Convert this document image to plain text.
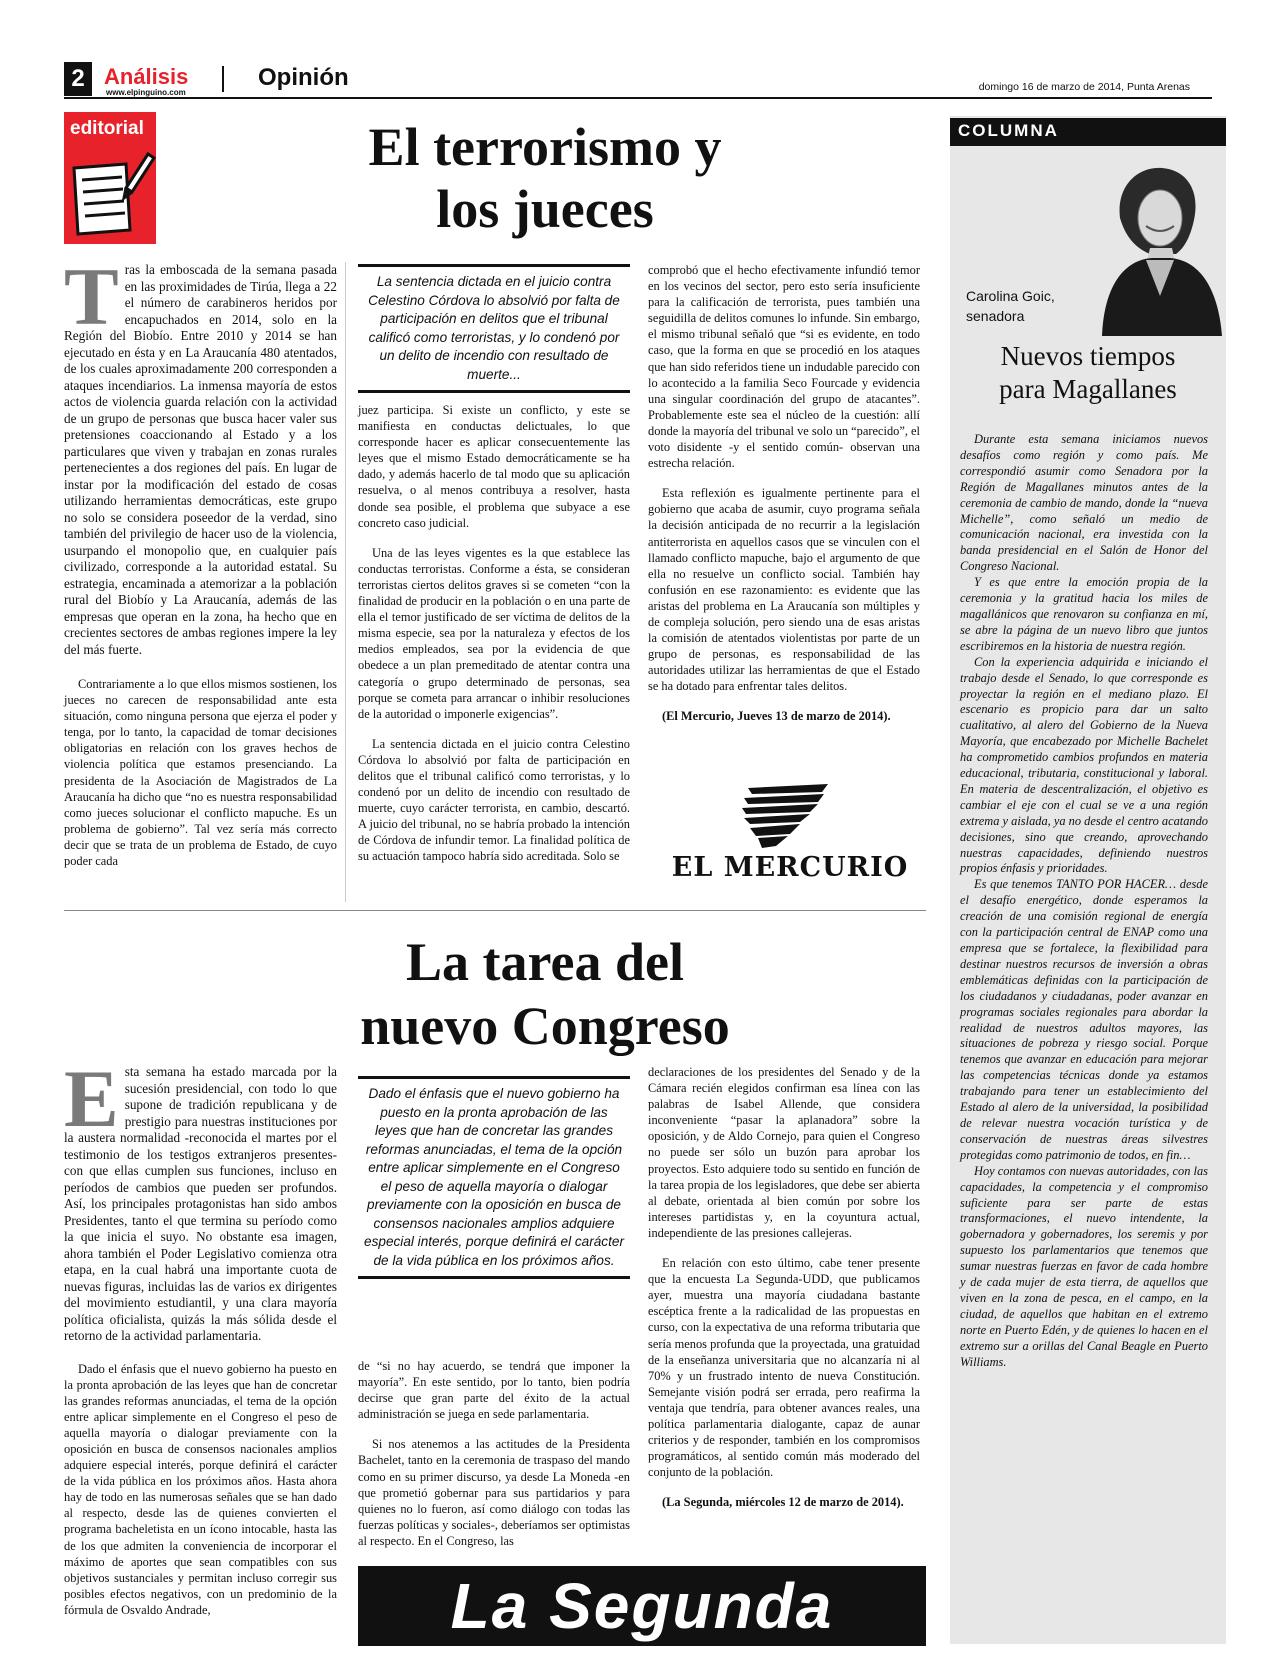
2 Análisis
www.elpinguino.com
Opinión	domingo 16 de marzo de 2014, Punta Arenas
editorial	El terrorismo y
los jueces

Tras la emboscada de la semana pasada en las proximidades de Tirúa, llega a 22 el número de carabineros heridos por encapuchados en 2014, solo en la Región del Biobío. Entre 2010 y 2014 se han ejecutado en ésta y en La Araucanía 480 atentados, de los cuales aproximadamente 200 corresponden a ataques incendiarios. La inmensa mayoría de estos actos de violencia guarda relación con la actividad de un grupo de personas que busca hacer valer sus pretensiones coaccionando al Estado y a los particulares que viven y trabajan en zonas rurales pertenecientes a dos regiones del país. En lugar de instar por la modificación del estado de cosas utilizando herramientas democráticas, este grupo no solo se considera poseedor de la verdad, sino también del privilegio de hacer uso de la violencia, usurpando el monopolio que, en cualquier país civilizado, corresponde a la autoridad estatal. Su estrategia, encaminada a atemorizar a la población rural del Biobío y La Araucanía, además de las empresas que operan en la zona, ha hecho que en crecientes sectores de ambas regiones impere la ley del más fuerte.

Contrariamente a lo que ellos mismos sostienen, los jueces no carecen de responsabilidad ante esta situación, como ninguna persona que ejerza el poder y tenga, por lo tanto, la capacidad de tomar decisiones obligatorias en relación con los graves hechos de violencia política que estamos presenciando. La presidenta de la Asociación de Magistrados de La Araucanía ha dicho que “no es nuestra responsabilidad como jueces solucionar el conflicto mapuche. Es un problema de gobierno”. Tal vez sería más correcto decir que se trata de un problema de Estado, de cuyo poder cada

La sentencia dictada en el juicio contra Celestino Córdova lo absolvió por falta de participación en delitos que el tribunal calificó como terroristas, y lo condenó por un delito de incendio con resultado de muerte...

juez participa. Si existe un conflicto, y este se manifiesta en conductas delictuales, lo que corresponde hacer es aplicar consecuentemente las leyes que el mismo Estado democráticamente se ha dado, y además hacerlo de tal modo que su aplicación resuelva, o al menos contribuya a resolver, hasta donde sea posible, el problema que subyace a ese concreto caso judicial.

Una de las leyes vigentes es la que establece las conductas terroristas. Conforme a ésta, se consideran terroristas ciertos delitos graves si se cometen “con la finalidad de producir en la población o en una parte de ella el temor justificado de ser víctima de delitos de la misma especie, sea por la naturaleza y efectos de los medios empleados, sea por la evidencia de que obedece a un plan premeditado de atentar contra una categoría o grupo determinado de personas, sea porque se cometa para arrancar o inhibir resoluciones de la autoridad o imponerle exigencias”.

La sentencia dictada en el juicio contra Celestino Córdova lo absolvió por falta de participación en delitos que el tribunal calificó como terroristas, y lo condenó por un delito de incendio con resultado de muerte, cuyo carácter terrorista, en cambio, descartó. A juicio del tribunal, no se habría probado la intención de Córdova de infundir temor. La finalidad política de su actuación tampoco habría sido acreditada. Solo se

comprobó que el hecho efectivamente infundió temor en los vecinos del sector, pero esto sería insuficiente para la calificación de terrorista, pues también una seguidilla de delitos comunes lo infunde. Sin embargo, el mismo tribunal señaló que “si es evidente, en todo caso, que la forma en que se procedió en los ataques que han sido referidos tiene un indudable parecido con lo acontecido a la familia Seco Fourcade y evidencia una singular coordinación del grupo de atacantes”. Probablemente este sea el núcleo de la cuestión: allí donde la mayoría del tribunal ve solo un “parecido”, el voto disidente -y el sentido común- observan una estrecha relación.

Esta reflexión es igualmente pertinente para el gobierno que acaba de asumir, cuyo programa señala la decisión anticipada de no recurrir a la legislación antiterrorista en aquellos casos que se vinculen con el llamado conflicto mapuche, bajo el argumento de que ella no resuelve un conflicto social. También hay confusión en ese razonamiento: es evidente que las aristas del problema en La Araucanía son múltiples y de compleja solución, pero siendo una de esas aristas la comisión de atentados violentistas por parte de un grupo de personas, es responsabilidad de las autoridades utilizar las herramientas de que el Estado se ha dotado para enfrentar tales delitos.

(El Mercurio, Jueves 13 de marzo de 2014).

EL MERCURIO
La tarea del
nuevo Congreso

Esta semana ha estado marcada por la sucesión presidencial, con todo lo que supone de tradición republicana y de prestigio para nuestras instituciones por la austera normalidad -reconocida el martes por el testimonio de los testigos extranjeros presentes- con que ellas cumplen sus funciones, incluso en períodos de cambios que pueden ser profundos. Así, los principales protagonistas han sido ambos Presidentes, tanto el que termina su período como la que inicia el suyo. No obstante esa imagen, ahora también el Poder Legislativo comienza otra etapa, en la cual habrá una importante cuota de nuevas figuras, incluidas las de varios ex dirigentes del movimiento estudiantil, y una clara mayoría política oficialista, quizás la más sólida desde el retorno de la actividad parlamentaria.

Dado el énfasis que el nuevo gobierno ha puesto en la pronta aprobación de las leyes que han de concretar las grandes reformas anunciadas, el tema de la opción entre aplicar simplemente en el Congreso el peso de aquella mayoría o dialogar previamente con la oposición en busca de consensos nacionales amplios adquiere especial interés, porque definirá el carácter de la vida pública en los próximos años. Hasta ahora hay de todo en las numerosas señales que se han dado al respecto, desde las de quienes convierten el programa bacheletista en un ícono intocable, hasta las de los que admiten la conveniencia de incorporar el máximo de aportes que sean compatibles con sus objetivos sustanciales y permitan incluso corregir sus posibles efectos negativos, con un predominio de la fórmula de Osvaldo Andrade,

Dado el énfasis que el nuevo gobierno ha puesto en la pronta aprobación de las leyes que han de concretar las grandes reformas anunciadas, el tema de la opción entre aplicar simplemente en el Congreso el peso de aquella mayoría o dialogar previamente con la oposición en busca de consensos nacionales amplios adquiere especial interés, porque definirá el carácter de la vida pública en los próximos años.

de “si no hay acuerdo, se tendrá que imponer la mayoría”. En este sentido, por lo tanto, bien podría decirse que gran parte del éxito de la actual administración se juega en sede parlamentaria.

Si nos atenemos a las actitudes de la Presidenta Bachelet, tanto en la ceremonia de traspaso del mando como en su primer discurso, ya desde La Moneda -en que prometió gobernar para sus partidarios y para quienes no lo fueron, así como diálogo con todas las fuerzas políticas y sociales-, deberíamos ser optimistas al respecto. En el Congreso, las

declaraciones de los presidentes del Senado y de la Cámara recién elegidos confirman esa línea con las palabras de Isabel Allende, que considera inconveniente “pasar la aplanadora” sobre la oposición, y de Aldo Cornejo, para quien el Congreso no puede ser sólo un buzón para aprobar los proyectos. Esto adquiere todo su sentido en función de la tarea propia de los legisladores, que debe ser abierta al debate, orientada al bien común por sobre los intereses partidistas y, en la coyuntura actual, independiente de las presiones callejeras.

En relación con esto último, cabe tener presente que la encuesta La Segunda-UDD, que publicamos ayer, muestra una mayoría ciudadana bastante escéptica frente a la radicalidad de las propuestas en curso, con la expectativa de una reforma tributaria que sería menos profunda que la proyectada, una gratuidad de la enseñanza universitaria que no alcanzaría ni al 70% y un frustrado intento de nueva Constitución. Semejante visión podrá ser errada, pero reafirma la ventaja que tendría, para obtener avances reales, una política parlamentaria dialogante, capaz de aunar criterios y de responder, también en los compromisos programáticos, al sentido común más moderado del conjunto de la población.

(La Segunda, miércoles 12 de marzo de 2014).

La Segunda
COLUMNA
Carolina Goic,
senadora
Nuevos tiempos
para Magallanes

Durante esta semana iniciamos nuevos desafíos como región y como país. Me correspondió asumir como Senadora por la Región de Magallanes minutos antes de la ceremonia de cambio de mando, donde la “nueva Michelle”, como señaló un medio de comunicación nacional, era investida con la banda presidencial en el Salón de Honor del Congreso Nacional.

Y es que entre la emoción propia de la ceremonia y la gratitud hacia los miles de magallánicos que renovaron su confianza en mí, se abre la página de un nuevo libro que juntos escribiremos en la historia de nuestra región.

Con la experiencia adquirida e iniciando el trabajo desde el Senado, lo que corresponde es proyectar la región en el mediano plazo. El escenario es propicio para dar un salto cualitativo, al alero del Gobierno de la Nueva Mayoría, que encabezado por Michelle Bachelet ha comprometido cambios profundos en materia educacional, tributaria, constitucional y laboral. En materia de descentralización, el objetivo es cambiar el eje con el cual se ve a una región extrema y aislada, ya no desde el centro acatando decisiones, sino que creando, aprovechando nuestras capacidades, definiendo nuestros propios énfasis y prioridades.

Es que tenemos TANTO POR HACER… desde el desafío energético, donde esperamos la creación de una comisión regional de energía con la participación central de ENAP como una empresa que se fortalece, la flexibilidad para destinar nuestros recursos de inversión a obras emblemáticas definidas con la participación de los ciudadanos y ciudadanas, poder avanzar en programas sociales regionales para abordar la realidad de nuestros adultos mayores, las situaciones de pobreza y riesgo social. Porque tenemos que avanzar en educación para mejorar las competencias técnicas donde ya estamos trabajando para tener un establecimiento del Estado al alero de la universidad, la posibilidad de relevar nuestra vocación turística y de conservación de nuestras áreas silvestres protegidas como patrimonio de todos, en fin…

Hoy contamos con nuevas autoridades, con las capacidades, la competencia y el compromiso suficiente para ser parte de estas transformaciones, el nuevo intendente, la gobernadora y gobernadores, los seremis y por supuesto los parlamentarios que tenemos que sumar nuestras fuerzas en favor de cada hombre y de cada mujer de esta tierra, de aquellos que viven en la zona de pesca, en el campo, en la ciudad, de aquellos que habitan en el extremo norte en Puerto Edén, y de quienes lo hacen en el extremo sur a orillas del Canal Beagle en Puerto Williams.
